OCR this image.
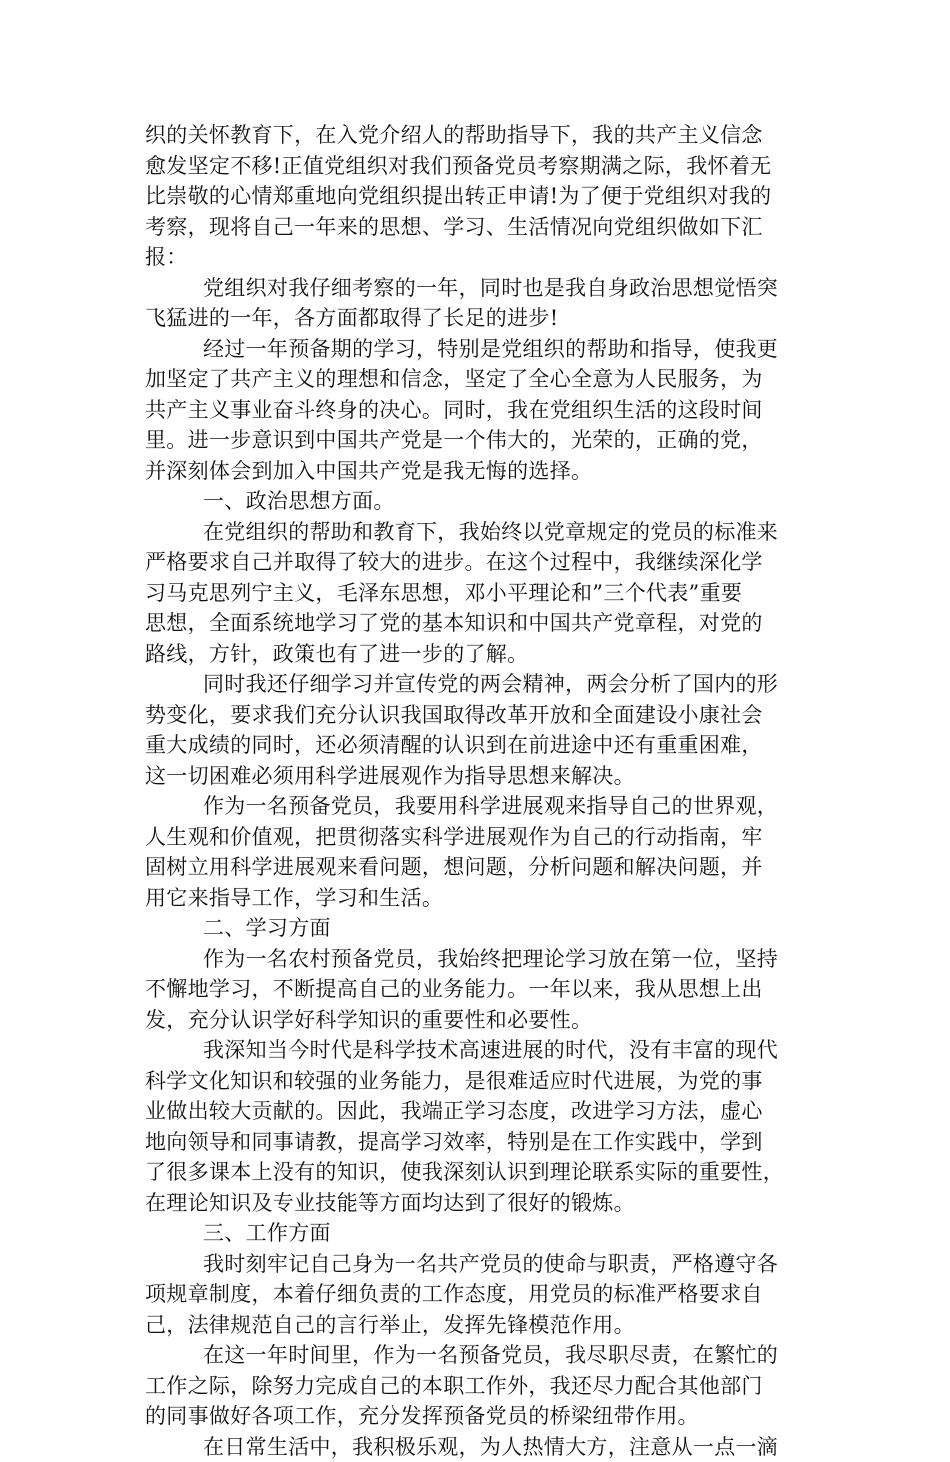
织的关怀教育下，在入党介绍人的帮助指导下，我的共产主义信念
愈发坚定不移!正值党组织对我们预备党员考察期满之际，我怀着无
比崇敬的心情郑重地向党组织提出转正申请!为了便于党组织对我的
考察，现将自己一年来的思想、学习、生活情况向党组织做如下汇
报：
党组织对我仔细考察的一年，同时也是我自身政治思想觉悟突
飞猛进的一年，各方面都取得了长足的进步!
经过一年预备期的学习，特别是党组织的帮助和指导，使我更
加坚定了共产主义的理想和信念，坚定了全心全意为人民服务，为
共产主义事业奋斗终身的决心。同时，我在党组织生活的这段时间
里。进一步意识到中国共产党是一个伟大的，光荣的，正确的党，
并深刻体会到加入中国共产党是我无悔的选择。
一、政治思想方面。
在党组织的帮助和教育下，我始终以党章规定的党员的标准来
严格要求自己并取得了较大的进步。在这个过程中，我继续深化学
习马克思列宁主义，毛泽东思想，邓小平理论和”三个代表”重要
思想，全面系统地学习了党的基本知识和中国共产党章程，对党的
路线，方针，政策也有了进一步的了解。
同时我还仔细学习并宣传党的两会精神，两会分析了国内的形
势变化，要求我们充分认识我国取得改革开放和全面建设小康社会
重大成绩的同时，还必须清醒的认识到在前进途中还有重重困难，
这一切困难必须用科学进展观作为指导思想来解决。
作为一名预备党员，我要用科学进展观来指导自己的世界观，
人生观和价值观，把贯彻落实科学进展观作为自己的行动指南，牢
固树立用科学进展观来看问题，想问题，分析问题和解决问题，并
用它来指导工作，学习和生活。
二、学习方面
作为一名农村预备党员，我始终把理论学习放在第一位，坚持
不懈地学习，不断提高自己的业务能力。一年以来，我从思想上出
发，充分认识学好科学知识的重要性和必要性。
我深知当今时代是科学技术高速进展的时代，没有丰富的现代
科学文化知识和较强的业务能力，是很难适应时代进展，为党的事
业做出较大贡献的。因此，我端正学习态度，改进学习方法，虚心
地向领导和同事请教，提高学习效率，特别是在工作实践中，学到
了很多课本上没有的知识，使我深刻认识到理论联系实际的重要性，
在理论知识及专业技能等方面均达到了很好的锻炼。
三、工作方面
我时刻牢记自己身为一名共产党员的使命与职责，严格遵守各
项规章制度，本着仔细负责的工作态度，用党员的标准严格要求自
己，法律规范自己的言行举止，发挥先锋模范作用。
在这一年时间里，作为一名预备党员，我尽职尽责，在繁忙的
工作之际，除努力完成自己的本职工作外，我还尽力配合其他部门
的同事做好各项工作，充分发挥预备党员的桥梁纽带作用。
在日常生活中，我积极乐观，为人热情大方，注意从一点一滴
